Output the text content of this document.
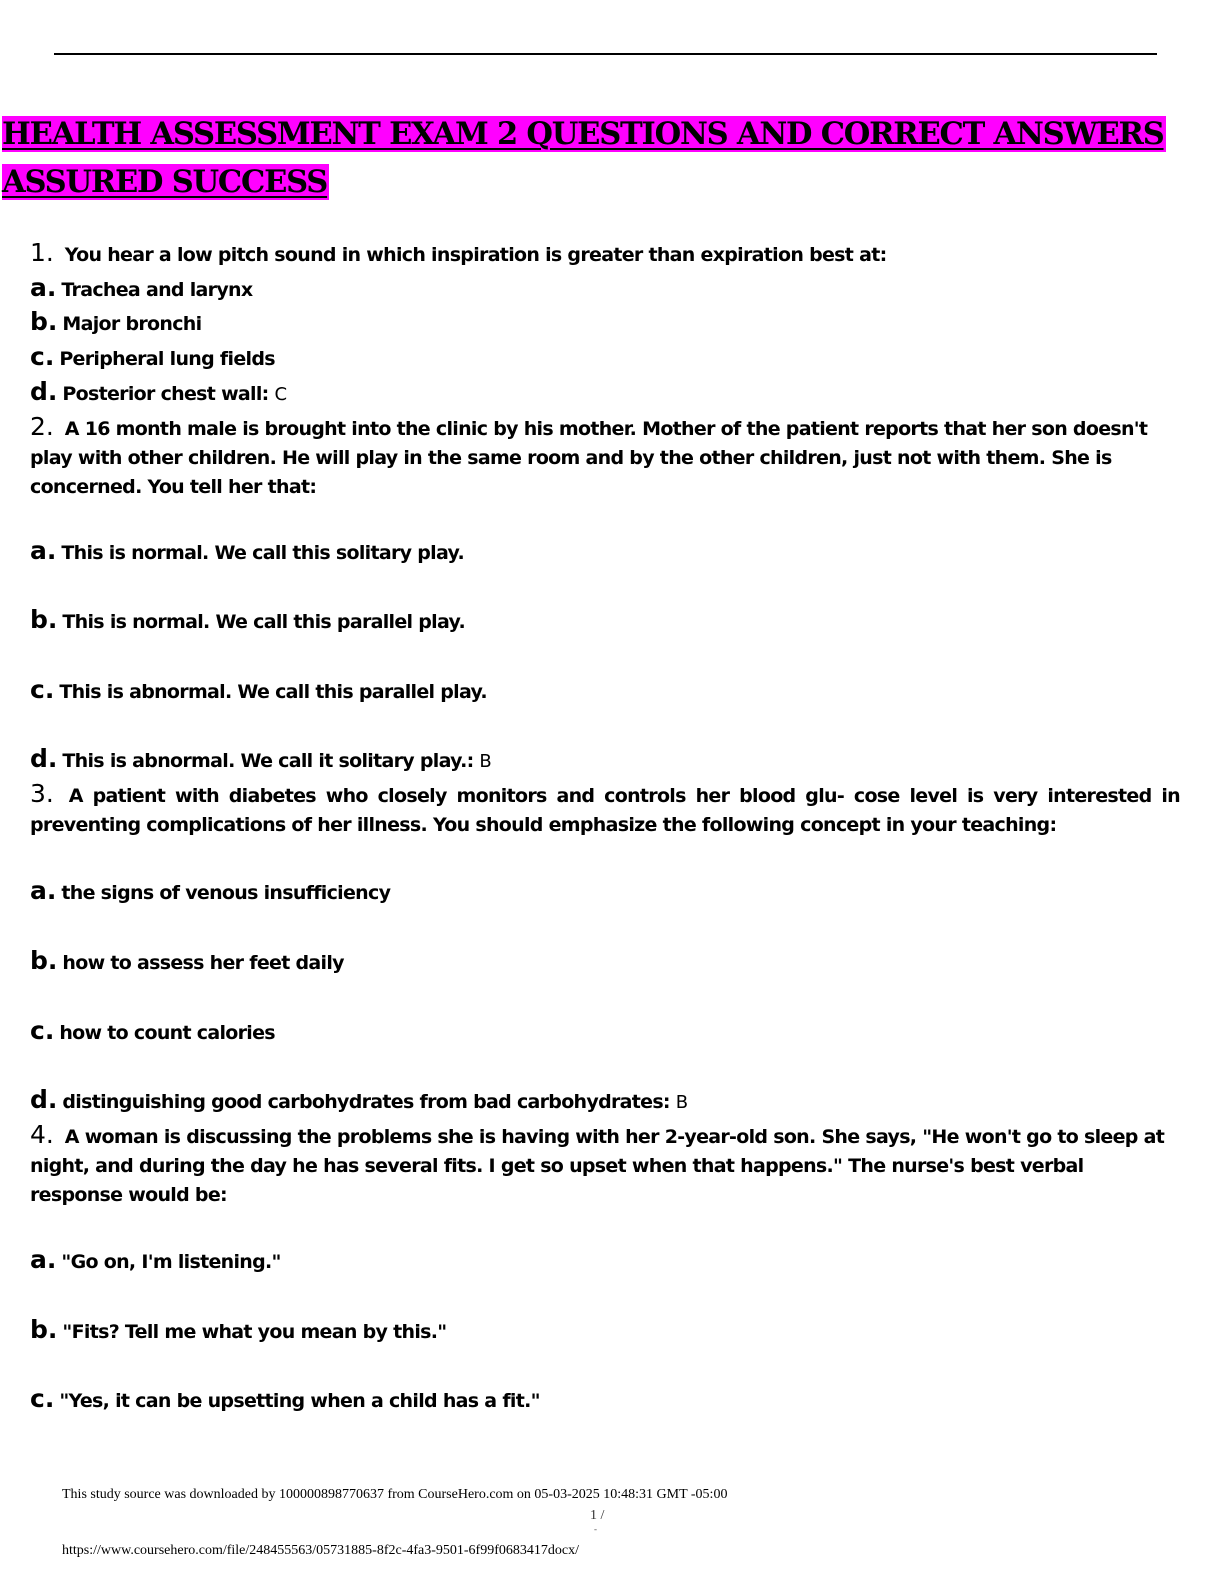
HEALTH ASSESSMENT EXAM 2 QUESTIONS AND CORRECT ANSWERS ASSURED SUCCESS
1. You hear a low pitch sound in which inspiration is greater than expiration best at:
a. Trachea and larynx
b. Major bronchi
c. Peripheral lung fields
d. Posterior chest wall: C
2. A 16 month male is brought into the clinic by his mother. Mother of the patient reports that her son doesn't play with other children. He will play in the same room and by the other children, just not with them. She is concerned. You tell her that:
a. This is normal. We call this solitary play.
b. This is normal. We call this parallel play.
c. This is abnormal. We call this parallel play.
d. This is abnormal. We call it solitary play.: B
3. A patient with diabetes who closely monitors and controls her blood glu- cose level is very interested in preventing complications of her illness. You should emphasize the following concept in your teaching:
a. the signs of venous insufficiency
b. how to assess her feet daily
c. how to count calories
d. distinguishing good carbohydrates from bad carbohydrates: B
4. A woman is discussing the problems she is having with her 2-year-old son. She says, "He won't go to sleep at night, and during the day he has several fits. I get so upset when that happens." The nurse's best verbal response would be:
a. "Go on, I'm listening."
b. "Fits? Tell me what you mean by this."
c. "Yes, it can be upsetting when a child has a fit."
This study source was downloaded by 100000898770637 from CourseHero.com on 05-03-2025 10:48:31 GMT -05:00
1 /
-
https://www.coursehero.com/file/248455563/05731885-8f2c-4fa3-9501-6f99f0683417docx/
